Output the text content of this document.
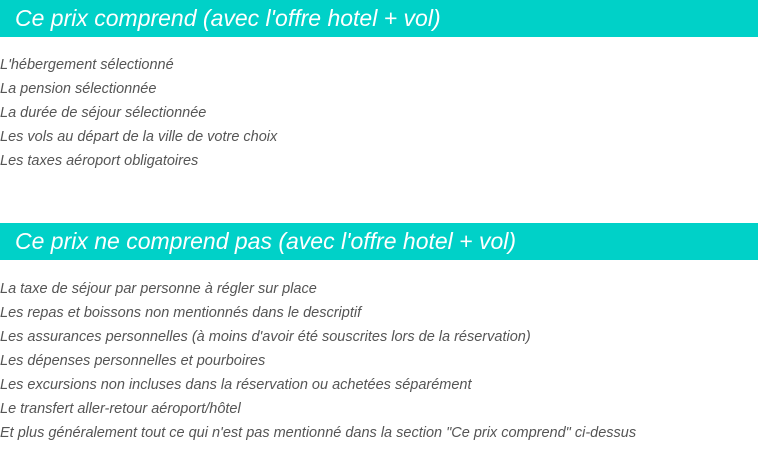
Ce prix comprend (avec l'offre hotel + vol)
L'hébergement sélectionné
La pension sélectionnée
La durée de séjour sélectionnée
Les vols au départ de la ville de votre choix
Les taxes aéroport obligatoires
Ce prix ne comprend pas (avec l'offre hotel + vol)
La taxe de séjour par personne à régler sur place
Les repas et boissons non mentionnés dans le descriptif
Les assurances personnelles (à moins d'avoir été souscrites lors de la réservation)
Les dépenses personnelles et pourboires
Les excursions non incluses dans la réservation ou achetées séparément
Le transfert aller-retour aéroport/hôtel
Et plus généralement tout ce qui n'est pas mentionné dans la section "Ce prix comprend" ci-dessus
